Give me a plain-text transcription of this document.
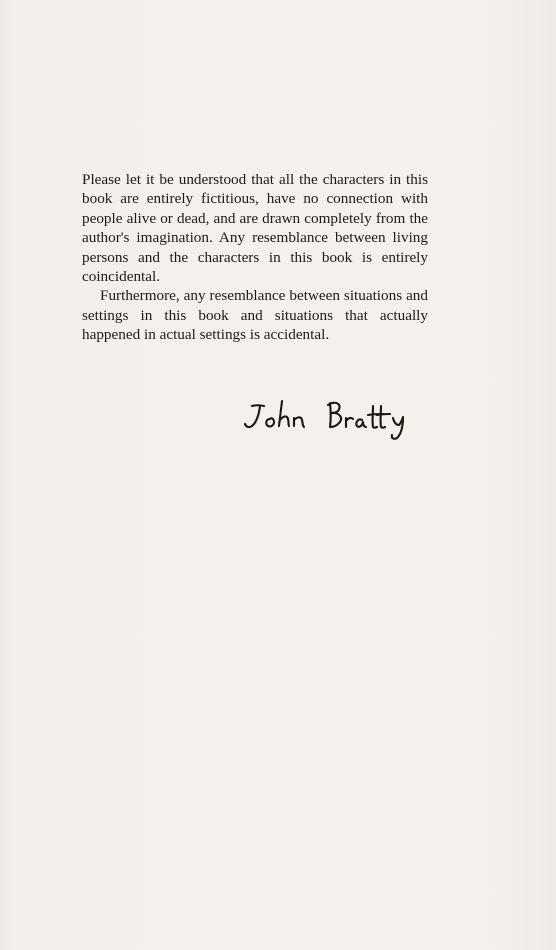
Please let it be understood that all the characters in this book are entirely fictitious, have no connection with people alive or dead, and are drawn completely from the author's imagination. Any resemblance between living persons and the characters in this book is entirely coincidental.

Furthermore, any resemblance between situations and settings in this book and situations that actually happened in actual settings is accidental.
